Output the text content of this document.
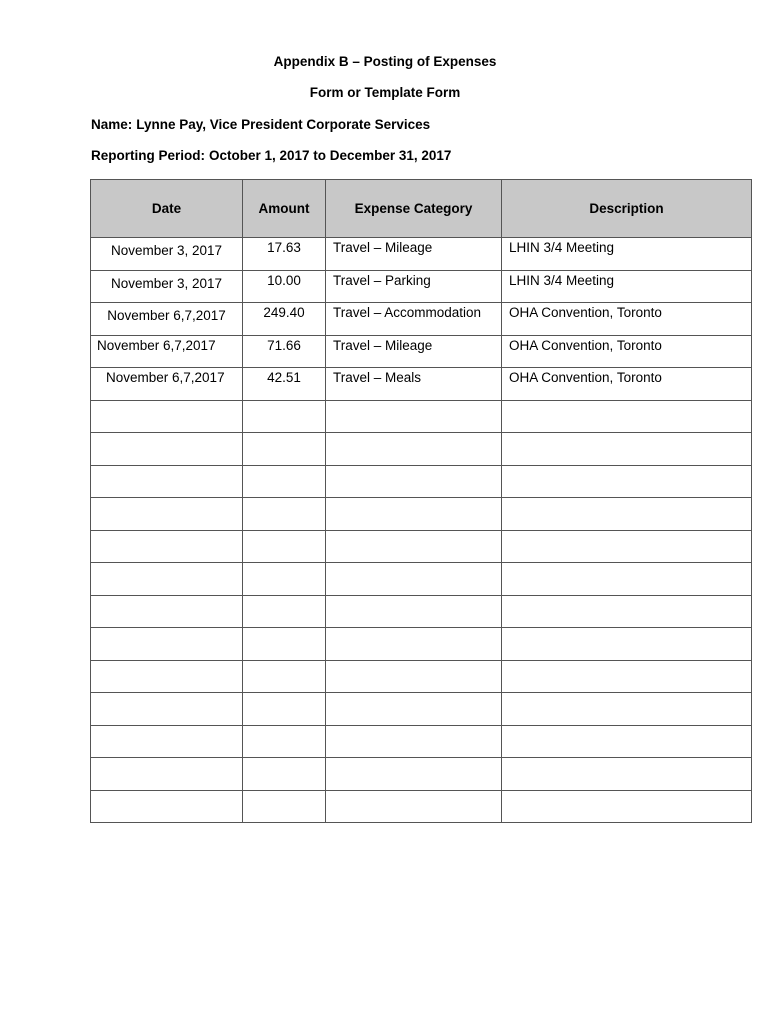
Appendix B – Posting of Expenses
Form or Template Form
Name: Lynne Pay, Vice President Corporate Services
Reporting Period: October 1, 2017 to December 31, 2017
Date	Amount	Expense Category	Description

November 3, 2017	17.63	Travel – Mileage	LHIN 3/4 Meeting

November 3, 2017	10.00	Travel – Parking	LHIN 3/4 Meeting

November 6,7,2017	249.40	Travel – Accommodation	OHA Convention, Toronto

November 6,7,2017	71.66	Travel – Mileage	OHA Convention, Toronto

November 6,7,2017	42.51	Travel – Meals	OHA Convention, Toronto
